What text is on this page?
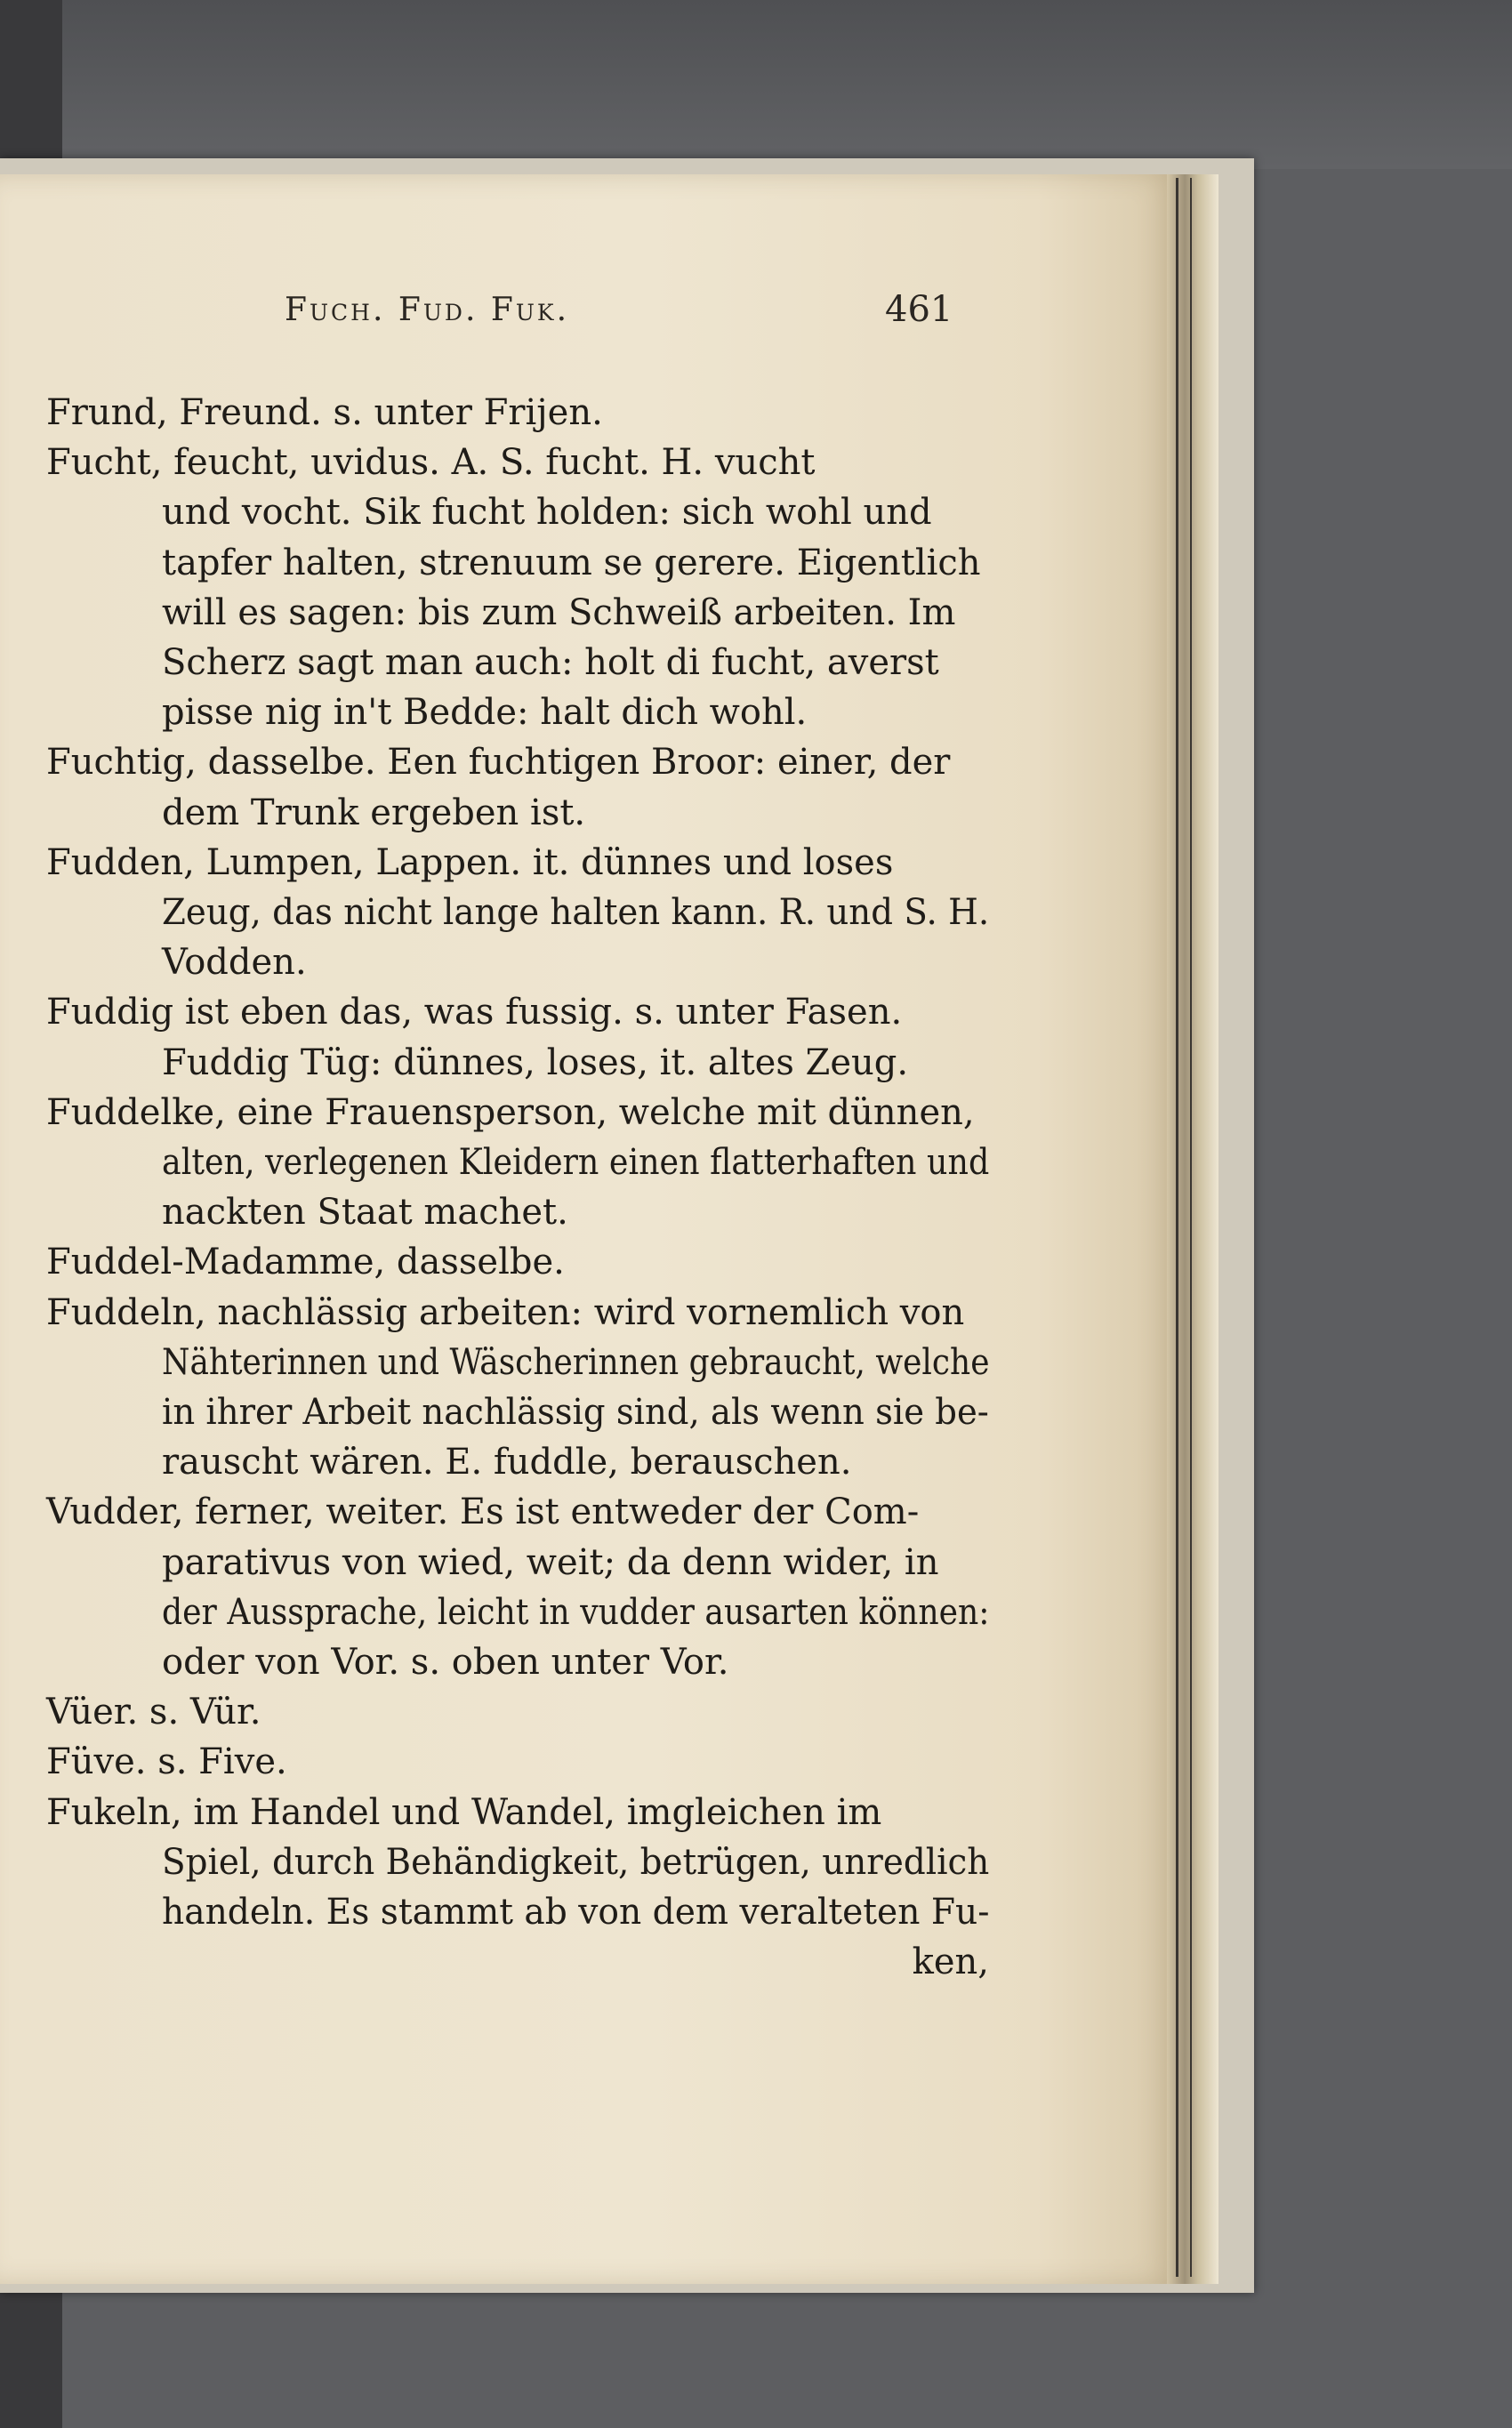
Fuch. Fud. Fuk.	461
Frund, Freund. s. unter Frijen.
Fucht, feucht, uvidus. A. S. fucht. H. vucht
und vocht. Sik fucht holden: sich wohl und
tapfer halten, strenuum se gerere. Eigentlich
will es sagen: bis zum Schweiß arbeiten. Im
Scherz sagt man auch: holt di fucht, averst
pisse nig in't Bedde: halt dich wohl.
Fuchtig, dasselbe. Een fuchtigen Broor: einer, der
dem Trunk ergeben ist.
Fudden, Lumpen, Lappen. it. dünnes und loses
Zeug, das nicht lange halten kann. R. und S. H.
Vodden.
Fuddig ist eben das, was fussig. s. unter Fasen.
Fuddig Tüg: dünnes, loses, it. altes Zeug.
Fuddelke, eine Frauensperson, welche mit dünnen,
alten, verlegenen Kleidern einen flatterhaften und
nackten Staat machet.
Fuddel-Madamme, dasselbe.
Fuddeln, nachlässig arbeiten: wird vornemlich von
Nähterinnen und Wäscherinnen gebraucht, welche
in ihrer Arbeit nachlässig sind, als wenn sie be-
rauscht wären. E. fuddle, berauschen.
Vudder, ferner, weiter. Es ist entweder der Com-
parativus von wied, weit; da denn wider, in
der Aussprache, leicht in vudder ausarten können:
oder von Vor. s. oben unter Vor.
Vüer. s. Vür.
Füve. s. Five.
Fukeln, im Handel und Wandel, imgleichen im
Spiel, durch Behändigkeit, betrügen, unredlich
handeln. Es stammt ab von dem veralteten Fu-
ken,
